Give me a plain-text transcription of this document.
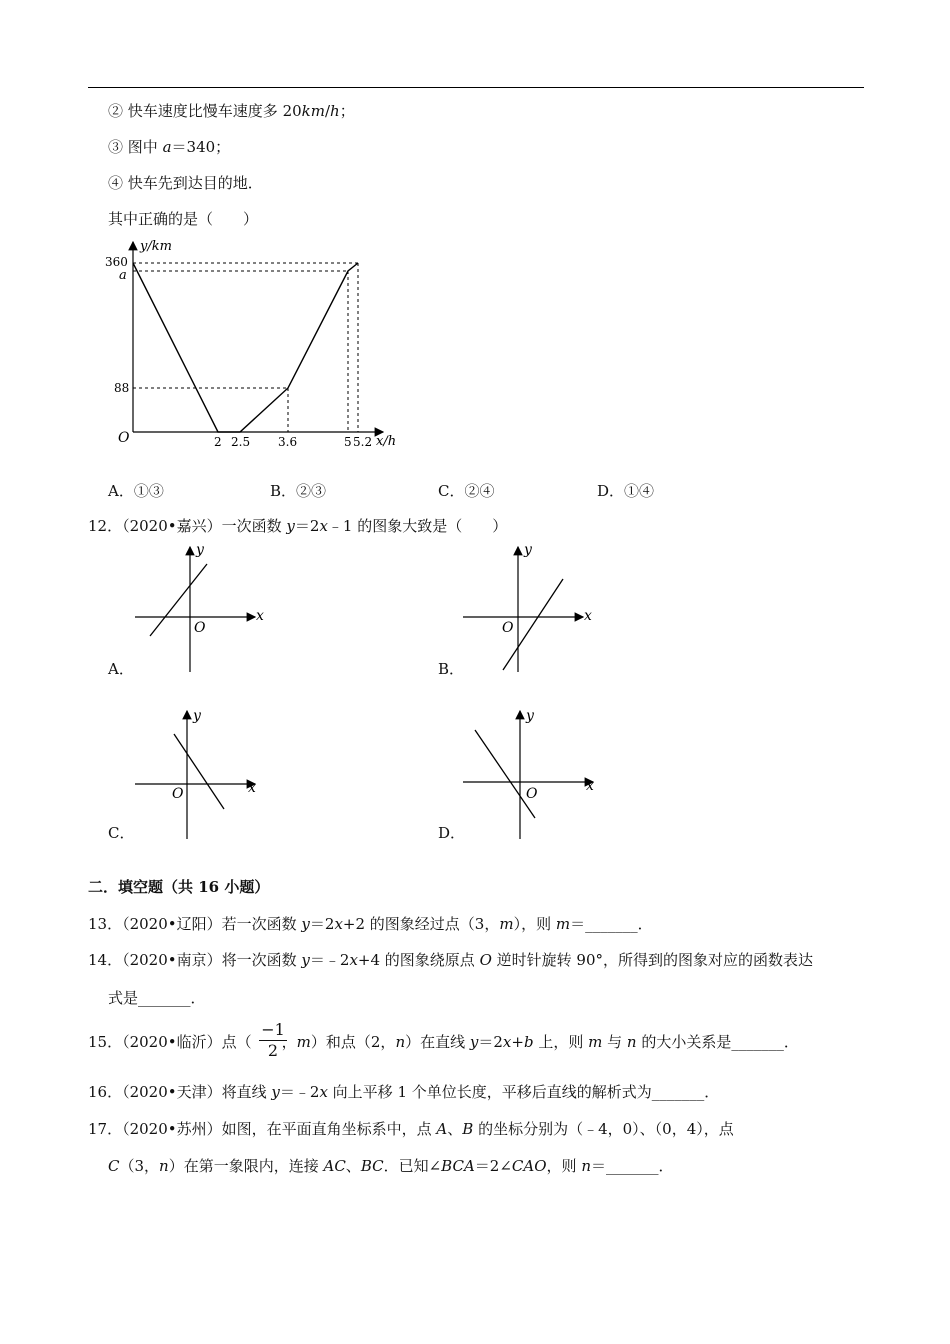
② 快车速度比慢车速度多 20km/h；
③ 图中 a＝340；
④ 快车先到达目的地．
其中正确的是（　　）
y/km
x/h
O
360
a
88
2 2.5 3.6	5 5.2
A．①③	B．②③	C．②④	D．①④
12．（2020•嘉兴）一次函数 y＝2x﹣1 的图象大致是（　　）
y
x
O
A．
y
x
O
B．
y
x
O
C．
y
x
O
D．
二．填空题（共 16 小题）
13．（2020•辽阳）若一次函数 y＝2x+2 的图象经过点（3，m），则 m＝_______．
14．（2020•南京）将一次函数 y＝﹣2x+4 的图象绕原点 O 逆时针旋转 90°，所得到的图象对应的函数表达
式是_______．
15．（2020•临沂）点（ ，m）和点（2，n）在直线 y＝2x+b 上，则 m 与 n 的大小关系是_______．
−1
2
16．（2020•天津）将直线 y＝﹣2x 向上平移 1 个单位长度，平移后直线的解析式为_______．
17．（2020•苏州）如图，在平面直角坐标系中，点 A、B 的坐标分别为（﹣4，0）、（0，4），点
C（3，n）在第一象限内，连接 AC、BC．已知∠BCA＝2∠CAO，则 n＝_______．
